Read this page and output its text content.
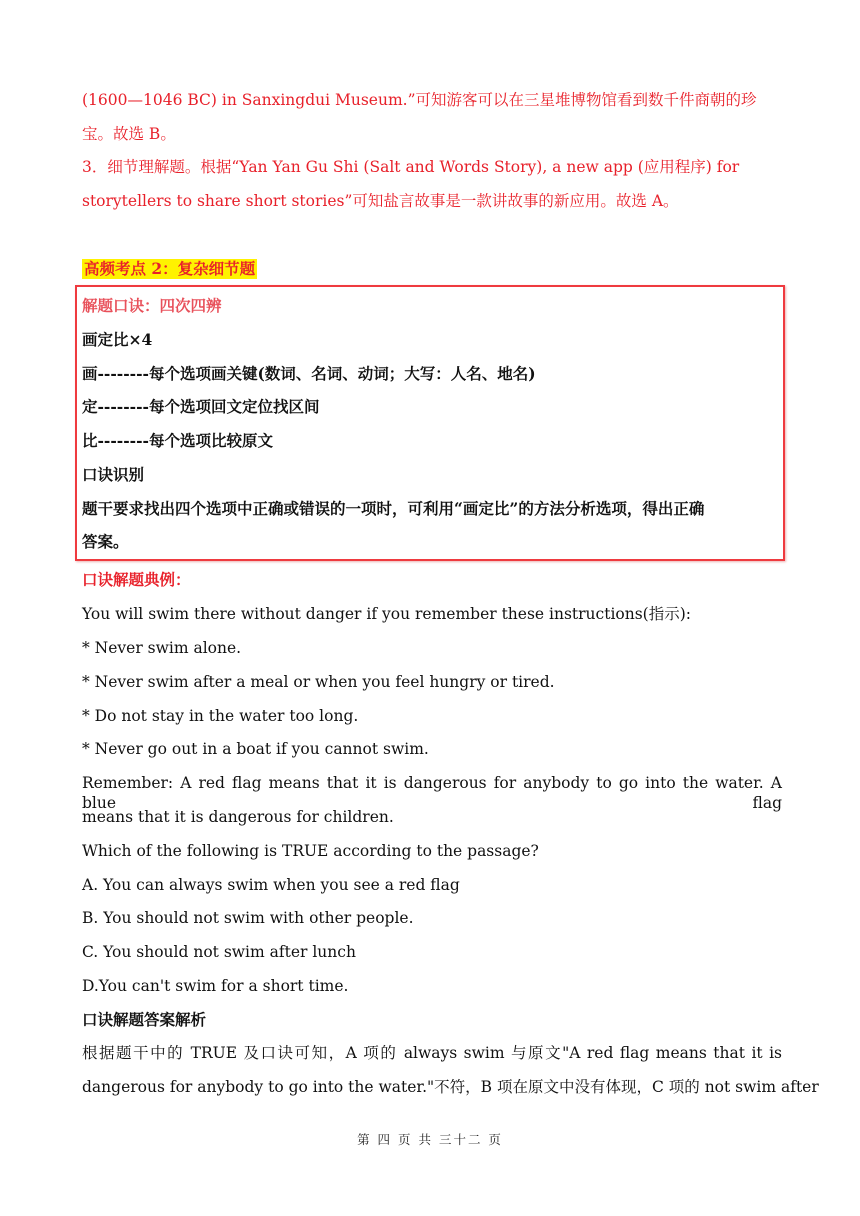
(1600—1046 BC) in Sanxingdui Museum.”可知游客可以在三星堆博物馆看到数千件商朝的珍
宝。故选 B。
3．细节理解题。根据“Yan Yan Gu Shi (Salt and Words Story), a new app (应用程序) for
storytellers to share short stories”可知盐言故事是一款讲故事的新应用。故选 A。
高频考点 2：复杂细节题
解题口诀：四次四辨
画定比×4
画--------每个选项画关键(数词、名词、动词；大写：人名、地名)
定--------每个选项回文定位找区间
比--------每个选项比较原文
口诀识别
题干要求找出四个选项中正确或错误的一项时，可利用“画定比”的方法分析选项，得出正确
答案。
口诀解题典例：
You will swim there without danger if you remember these instructions(指示):
* Never swim alone.
* Never swim after a meal or when you feel hungry or tired.
* Do not stay in the water too long.
* Never go out in a boat if you cannot swim.
Remember: A red flag means that it is dangerous for anybody to go into the water. A blue flag
means that it is dangerous for children.
Which of the following is TRUE according to the passage?
A. You can always swim when you see a red flag
B. You should not swim with other people.
C. You should not swim after lunch
D.You can't swim for a short time.
口诀解题答案解析
根据题干中的 TRUE 及口诀可知，A 项的 always swim 与原文"A red flag means that it is
dangerous for anybody to go into the water."不符，B 项在原文中没有体现，C 项的 not swim after
第 四 页 共 三十二 页
